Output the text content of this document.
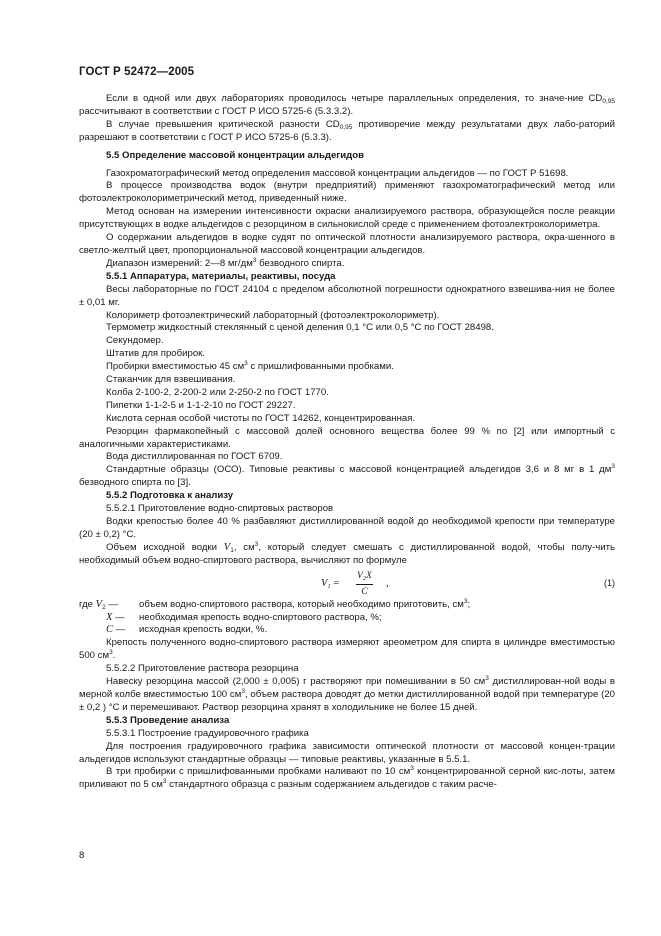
ГОСТ Р 52472—2005

Если в одной или двух лабораториях проводилось четыре параллельных определения, то значе-ние $CD_{0,95}$ рассчитывают в соответствии с ГОСТ Р ИСО 5725-6 (5.3.3.2).

В случае превышения критической разности $CD_{0,95}$ противоречие между результатами двух лабо-раторий разрешают в соответствии с ГОСТ Р ИСО 5725-6 (5.3.3).

5.5 Определение массовой концентрации альдегидов

Газохроматографический метод определения массовой концентрации альдегидов — по ГОСТ Р 51698.

В процессе производства водок (внутри предприятий) применяют газохроматографический метод или фотоэлектроколориметрический метод, приведенный ниже.

Метод основан на измерении интенсивности окраски анализируемого раствора, образующейся после реакции присутствующих в водке альдегидов с резорцином в сильнокислой среде с применением фотоэлектроколориметра.

О содержании альдегидов в водке судят по оптической плотности анализируемого раствора, окра-шенного в светло-желтый цвет, пропорциональной массовой концентрации альдегидов.

Диапазон измерений: 2—8 $мг/дм^3$ безводного спирта.

5.5.1 Аппаратура, материалы, реактивы, посуда

Весы лабораторные по ГОСТ 24104 с пределом абсолютной погрешности однократного взвешива-ния не более ± 0,01 мг.

Колориметр фотоэлектрический лабораторный (фотоэлектроколориметр).

Термометр жидкостный стеклянный с ценой деления 0,1 °С или 0,5 °С по ГОСТ 28498.

Секундомер.

Штатив для пробирок.

Пробирки вместимостью 45 $см^3$ с пришлифованными пробками.

Стаканчик для взвешивания.

Колба 2-100-2, 2-200-2 или 2-250-2 по ГОСТ 1770.

Пипетки 1-1-2-5 и 1-1-2-10 по ГОСТ 29227.

Кислота серная особой чистоты по ГОСТ 14262, концентрированная.

Резорцин фармакопейный с массовой долей основного вещества более 99 % по [2] или импортный с аналогичными характеристиками.

Вода дистиллированная по ГОСТ 6709.

Стандартные образцы (ОСО). Типовые реактивы с массовой концентрацией альдегидов 3,6 и 8 мг в 1 $дм^3$ безводного спирта по [3].

5.5.2 Подготовка к анализу

5.5.2.1 Приготовление водно-спиртовых растворов

Водки крепостью более 40 % разбавляют дистиллированной водой до необходимой крепости при температуре (20 ± 0,2) °С.

Объем исходной водки $V_1$, $см^3$, который следует смешать с дистиллированной водой, чтобы полу-чить необходимый объем водно-спиртового раствора, вычисляют по формуле

$V_1 = \frac{V_2X}{C}$ ,	(1)
где $V_2$ —	объем водно-спиртового раствора, который необходимо приготовить, $см^3$;
X —	необходимая крепость водно-спиртового раствора, %;
C —	исходная крепость водки, %.

Крепость полученного водно-спиртового раствора измеряют ареометром для спирта в цилиндре вместимостью 500 $см^3$.

5.5.2.2 Приготовление раствора резорцина

Навеску резорцина массой (2,000 ± 0,005) г растворяют при помешивании в 50 $см^3$ дистиллирован-ной воды в мерной колбе вместимостью 100 $см^3$, объем раствора доводят до метки дистиллированной водой при температуре (20 ± 0,2 ) °С и перемешивают. Раствор резорцина хранят в холодильнике не более 15 дней.

5.5.3 Проведение анализа

5.5.3.1 Построение градуировочного графика

Для построения градуировочного графика зависимости оптической плотности от массовой концен-трации альдегидов используют стандартные образцы — типовые реактивы, указанные в 5.5.1.

В три пробирки с пришлифованными пробками наливают по 10 $см^3$ концентрированной серной кис-лоты, затем приливают по 5 $см^3$ стандартного образца с разным содержанием альдегидов с таким расче-

8
